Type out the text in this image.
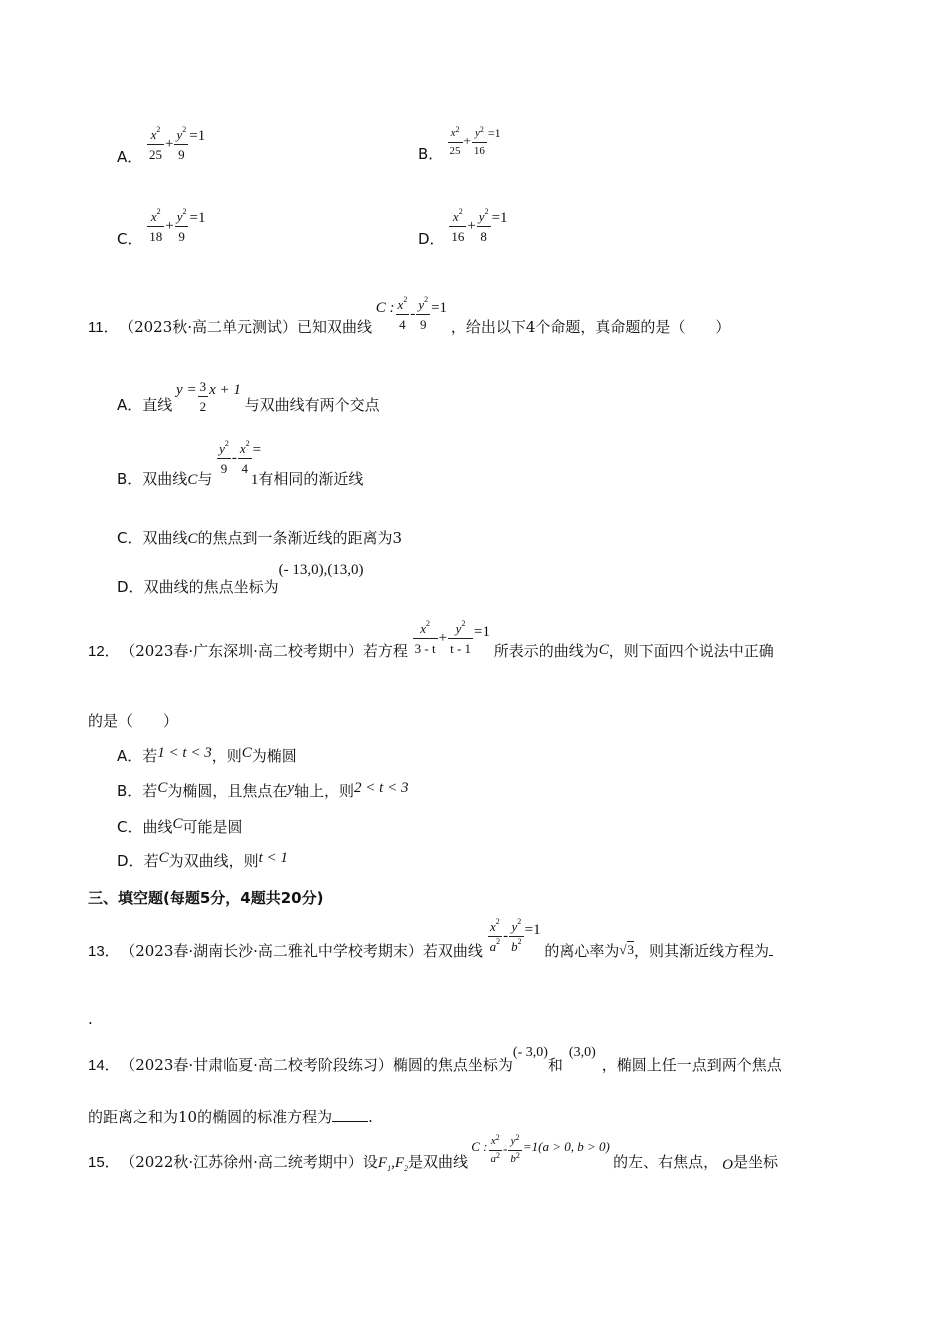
A． $\frac{x^2}{25} + \frac{y^2}{9} =1$
B． $\frac{x^2}{25} + \frac{y^2}{16} =1$
C． $\frac{x^2}{18} + \frac{y^2}{9} =1$
D． $\frac{x^2}{16} + \frac{y^2}{8} =1$
11． （2023秋·高二单元测试）已知双曲线 C : $\frac{x^2}{4} - \frac{y^2}{9} =1$ ，给出以下4个命题，真命题的是（　　）
A．直线 $y = \frac{3}{2}$ x + 1 与双曲线有两个交点
B．双曲线C与
$\frac{y^2}{9} - \frac{x^2}{4} = 1$有相同的渐近线
C．双曲线C的焦点到一条渐近线的距离为3
D．双曲线的焦点坐标为(- 13,0),(13,0)
12． （2023春·广东深圳·高二校考期中）若方程 $\frac{x^2}{3 - t} + \frac{y^2}{t - 1} =1$ 所表示的曲线为C，则下面四个说法中正确
的是（　　）
A．若1 < t < 3，则C为椭圆
B．若C为椭圆，且焦点在y轴上，则2 < t < 3
C．曲线C可能是圆
D．若C为双曲线，则t < 1
三、填空题(每题5分，4题共20分)
13． （2023春·湖南长沙·高二雅礼中学校考期末）若双曲线 $\frac{x^2}{a^2} - \frac{y^2}{b^2} =1$ 的离心率为√3，则其渐近线方程为
.
14． （2023春·甘肃临夏·高二校考阶段练习）椭圆的焦点坐标为(- 3,0)和(3,0)，椭圆上任一点到两个焦点
的距离之和为10的椭圆的标准方程为 .
15． （2022秋·江苏徐州·高二统考期中）设$F_1,F_2$是双曲线 C : $\frac{x^2}{a^2} - \frac{y^2}{b^2} =1(a > 0$, b > 0) 的左、右焦点， O是坐标
